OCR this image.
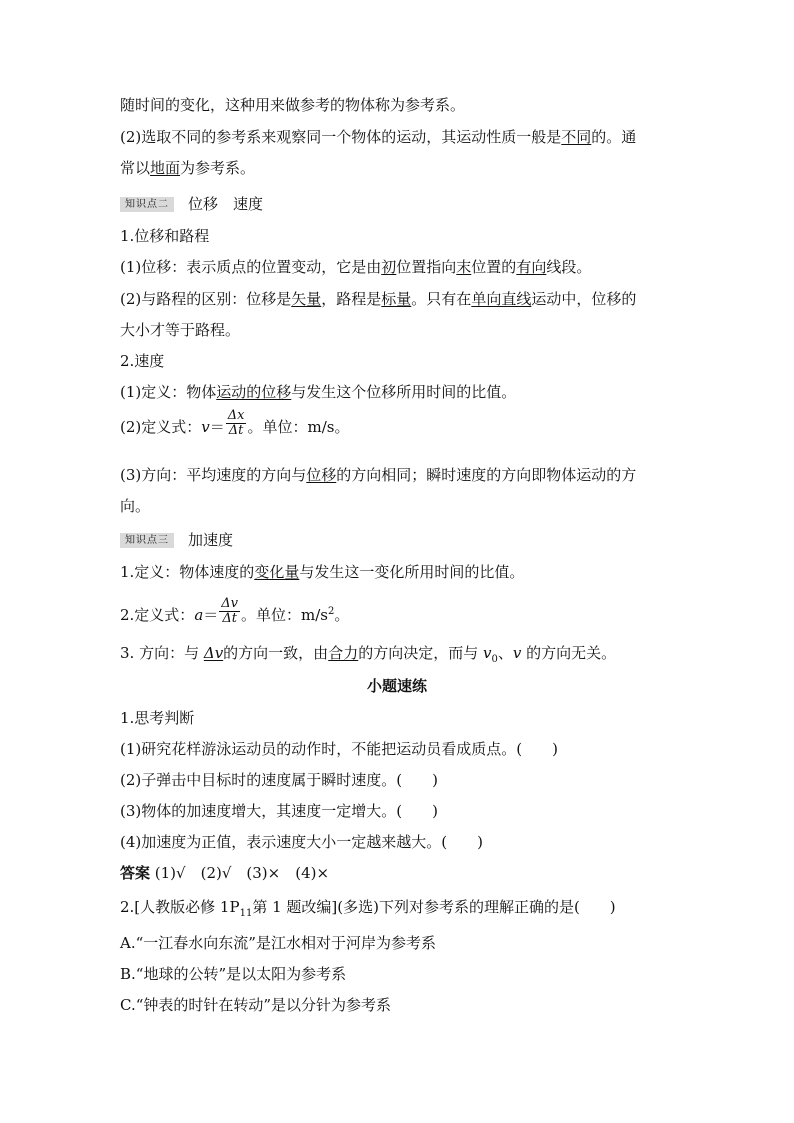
随时间的变化，这种用来做参考的物体称为参考系。
(2)选取不同的参考系来观察同一个物体的运动，其运动性质一般是不同的。通
常以地面为参考系。
知识点二 位移　速度
1.位移和路程
(1)位移：表示质点的位置变动，它是由初位置指向末位置的有向线段。
(2)与路程的区别：位移是矢量，路程是标量。只有在单向直线运动中，位移的
大小才等于路程。
2.速度
(1)定义：物体运动的位移与发生这个位移所用时间的比值。
(2)定义式：$v= \frac{\Delta x}{\Delta t}$ 。单位：m/s。
(3)方向：平均速度的方向与位移的方向相同；瞬时速度的方向即物体运动的方
向。
知识点三 加速度
1.定义：物体速度的变化量与发生这一变化所用时间的比值。
2.定义式：$a= \frac{\Delta v}{\Delta t}$ 。单位：$m/s^2$。
3. 方向：与 Δv的方向一致，由合力的方向决定，而与 $v_0$、v 的方向无关。
小题速练
1.思考判断
(1)研究花样游泳运动员的动作时，不能把运动员看成质点。(　　)
(2)子弹击中目标时的速度属于瞬时速度。(　　)
(3)物体的加速度增大，其速度一定增大。(　　)
(4)加速度为正值，表示速度大小一定越来越大。(　　)
答案 (1)√　(2)√　(3)×　(4)×
2.[人教版必修 $1P_{11}$第 1 题改编](多选)下列对参考系的理解正确的是(　　)
A.“一江春水向东流”是江水相对于河岸为参考系
B.“地球的公转”是以太阳为参考系
C.“钟表的时针在转动”是以分针为参考系
